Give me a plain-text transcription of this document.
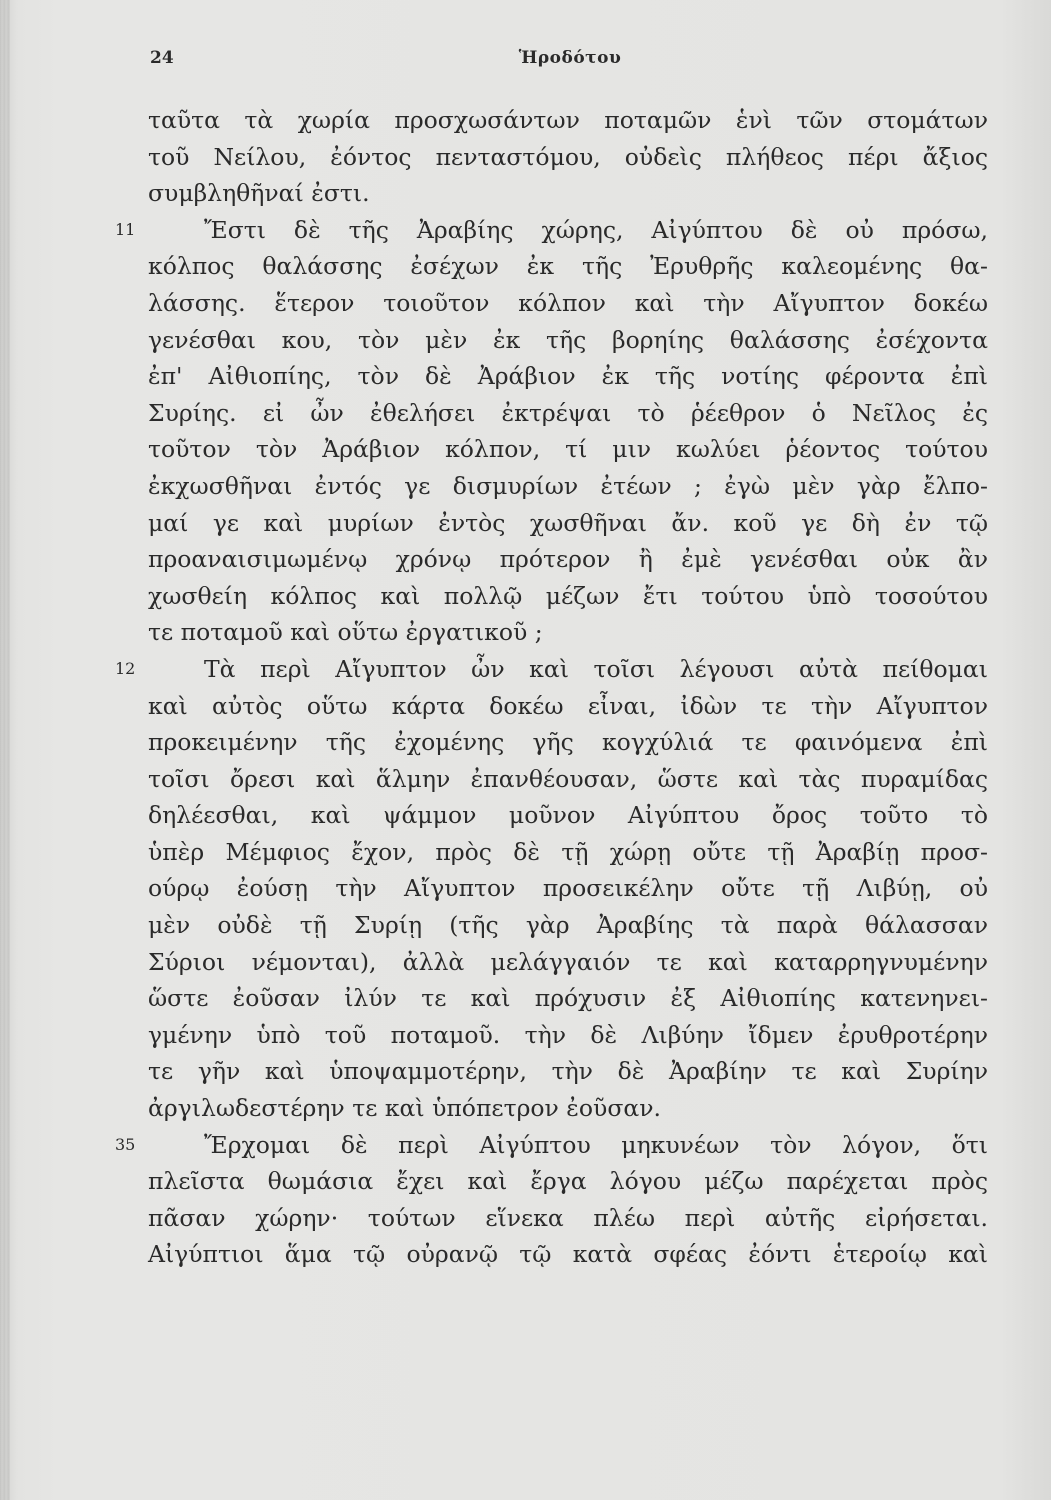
24	Ἡροδότου
ταῦτα τὰ χωρία προσχωσάντων ποταμῶν ἑνὶ τῶν στομάτων
τοῦ Νείλου, ἐόντος πενταστόμου, οὐδεὶς πλήθεος πέρι ἄξιος
συμβληθῆναί ἐστι.
11	Ἔστι δὲ τῆς Ἀραβίης χώρης, Αἰγύπτου δὲ οὐ πρόσω,
κόλπος θαλάσσης ἐσέχων ἐκ τῆς Ἐρυθρῆς καλεομένης θα-
λάσσης. ἕτερον τοιοῦτον κόλπον καὶ τὴν Αἴγυπτον δοκέω
γενέσθαι κου, τὸν μὲν ἐκ τῆς βορηίης θαλάσσης ἐσέχοντα
ἐπ' Αἰθιοπίης, τὸν δὲ Ἀράβιον ἐκ τῆς νοτίης φέροντα ἐπὶ
Συρίης. εἰ ὦν ἐθελήσει ἐκτρέψαι τὸ ῥέεθρον ὁ Νεῖλος ἐς
τοῦτον τὸν Ἀράβιον κόλπον, τί μιν κωλύει ῥέοντος τούτου
ἐκχωσθῆναι ἐντός γε δισμυρίων ἐτέων ; ἐγὼ μὲν γὰρ ἔλπο-
μαί γε καὶ μυρίων ἐντὸς χωσθῆναι ἄν. κοῦ γε δὴ ἐν τῷ
προαναισιμωμένῳ χρόνῳ πρότερον ἢ ἐμὲ γενέσθαι οὐκ ἂν
χωσθείη κόλπος καὶ πολλῷ μέζων ἔτι τούτου ὑπὸ τοσούτου
τε ποταμοῦ καὶ οὕτω ἐργατικοῦ ;
12	Τὰ περὶ Αἴγυπτον ὦν καὶ τοῖσι λέγουσι αὐτὰ πείθομαι
καὶ αὐτὸς οὕτω κάρτα δοκέω εἶναι, ἰδὼν τε τὴν Αἴγυπτον
προκειμένην τῆς ἐχομένης γῆς κογχύλιά τε φαινόμενα ἐπὶ
τοῖσι ὄρεσι καὶ ἅλμην ἐπανθέουσαν, ὥστε καὶ τὰς πυραμίδας
δηλέεσθαι, καὶ ψάμμον μοῦνον Αἰγύπτου ὄρος τοῦτο τὸ
ὑπὲρ Μέμφιος ἔχον, πρὸς δὲ τῇ χώρῃ οὔτε τῇ Ἀραβίῃ προσ-
ούρῳ ἐούσῃ τὴν Αἴγυπτον προσεικέλην οὔτε τῇ Λιβύῃ, οὐ
μὲν οὐδὲ τῇ Συρίῃ (τῆς γὰρ Ἀραβίης τὰ παρὰ θάλασσαν
Σύριοι νέμονται), ἀλλὰ μελάγγαιόν τε καὶ καταρρηγνυμένην
ὥστε ἐοῦσαν ἰλύν τε καὶ πρόχυσιν ἐξ Αἰθιοπίης κατενηνει-
γμένην ὑπὸ τοῦ ποταμοῦ. τὴν δὲ Λιβύην ἴδμεν ἐρυθροτέρην
τε γῆν καὶ ὑποψαμμοτέρην, τὴν δὲ Ἀραβίην τε καὶ Συρίην
ἀργιλωδεστέρην τε καὶ ὑπόπετρον ἐοῦσαν.
35	Ἔρχομαι δὲ περὶ Αἰγύπτου μηκυνέων τὸν λόγον, ὅτι
πλεῖστα θωμάσια ἔχει καὶ ἔργα λόγου μέζω παρέχεται πρὸς
πᾶσαν χώρην· τούτων εἵνεκα πλέω περὶ αὐτῆς εἰρήσεται.
Αἰγύπτιοι ἅμα τῷ οὐρανῷ τῷ κατὰ σφέας ἐόντι ἑτεροίῳ καὶ
